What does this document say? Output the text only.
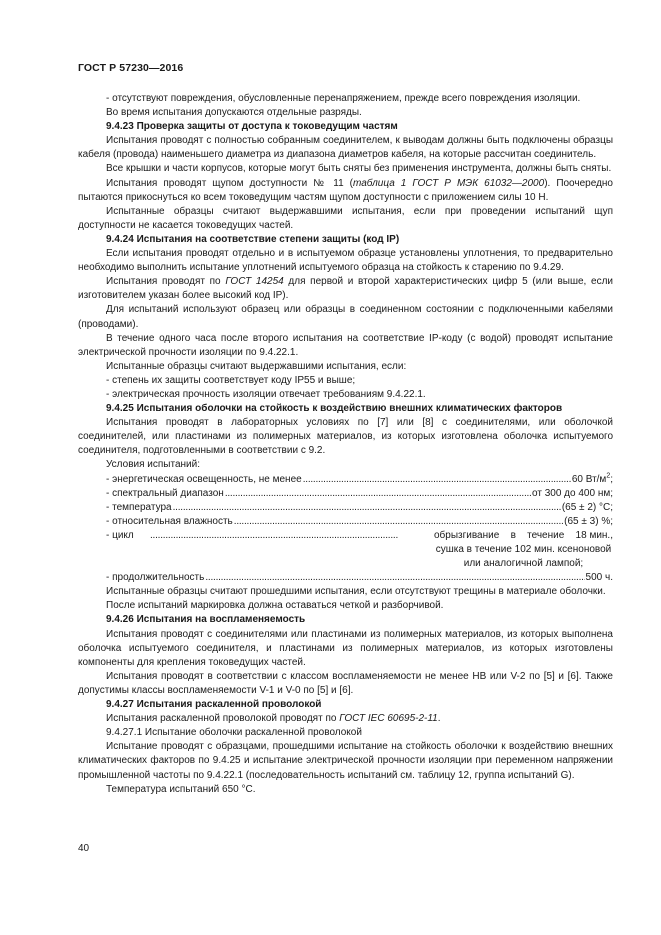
ГОСТ Р 57230—2016

- отсутствуют повреждения, обусловленные перенапряжением, прежде всего повреждения изоляции.

Во время испытания допускаются отдельные разряды.

9.4.23 Проверка защиты от доступа к токоведущим частям

Испытания проводят с полностью собранным соединителем, к выводам должны быть подключены образцы кабеля (провода) наименьшего диаметра из диапазона диаметров кабеля, на которые рассчитан соединитель.

Все крышки и части корпусов, которые могут быть сняты без применения инструмента, должны быть сняты.

Испытания проводят щупом доступности № 11 (таблица 1 ГОСТ Р МЭК 61032—2000). Поочередно пытаются прикоснуться ко всем токоведущим частям щупом доступности с приложением силы 10 Н.

Испытанные образцы считают выдержавшими испытания, если при проведении испытаний щуп доступности не касается токоведущих частей.

9.4.24 Испытания на соответствие степени защиты (код IP)

Если испытания проводят отдельно и в испытуемом образце установлены уплотнения, то предварительно необходимо выполнить испытание уплотнений испытуемого образца на стойкость к старению по 9.4.29.

Испытания проводят по ГОСТ 14254 для первой и второй характеристических цифр 5 (или выше, если изготовителем указан более высокий код IP).

Для испытаний используют образец или образцы в соединенном состоянии с подключенными кабелями (проводами).

В течение одного часа после второго испытания на соответствие IP-коду (с водой) проводят испытание электрической прочности изоляции по 9.4.22.1.

Испытанные образцы считают выдержавшими испытания, если:

- степень их защиты соответствует коду IP55 и выше;

- электрическая прочность изоляции отвечает требованиям 9.4.22.1.

9.4.25 Испытания оболочки на стойкость к воздействию внешних климатических факторов

Испытания проводят в лабораторных условиях по [7] или [8] с соединителями, или оболочкой соединителей, или пластинами из полимерных материалов, из которых изготовлена оболочка испытуемого соединителя, подготовленными в соответствии с 9.2.

Условия испытаний:

- энергетическая освещенность, не менее . . .	60 $Вт/м^2$;
- спектральный диапазон . . .	от 300 до 400 нм;
- температура . . .	(65 ± 2) °С;
- относительная влажность . . .	(65 ± 3) %;
- цикл . . .	обрызгивание в течение 18 мин.,
сушка в течение 102 мин. ксеноновой
или аналогичной лампой;
- продолжительность . . .	500 ч.

Испытанные образцы считают прошедшими испытания, если отсутствуют трещины в материале оболочки.

После испытаний маркировка должна оставаться четкой и разборчивой.

9.4.26 Испытания на воспламеняемость

Испытания проводят с соединителями или пластинами из полимерных материалов, из которых выполнена оболочка испытуемого соединителя, и пластинами из полимерных материалов, из которых изготовлены компоненты для крепления токоведущих частей.

Испытания проводят в соответствии с классом воспламеняемости не менее НВ или V-2 по [5] и [6]. Также допустимы классы воспламеняемости V-1 и V-0 по [5] и [6].

9.4.27 Испытания раскаленной проволокой

Испытания раскаленной проволокой проводят по ГОСТ IEC 60695-2-11.

9.4.27.1 Испытание оболочки раскаленной проволокой

Испытание проводят с образцами, прошедшими испытание на стойкость оболочки к воздействию внешних климатических факторов по 9.4.25 и испытание электрической прочности изоляции при переменном напряжении промышленной частоты по 9.4.22.1 (последовательность испытаний см. таблицу 12, группа испытаний G).

Температура испытаний 650 °С.

40
